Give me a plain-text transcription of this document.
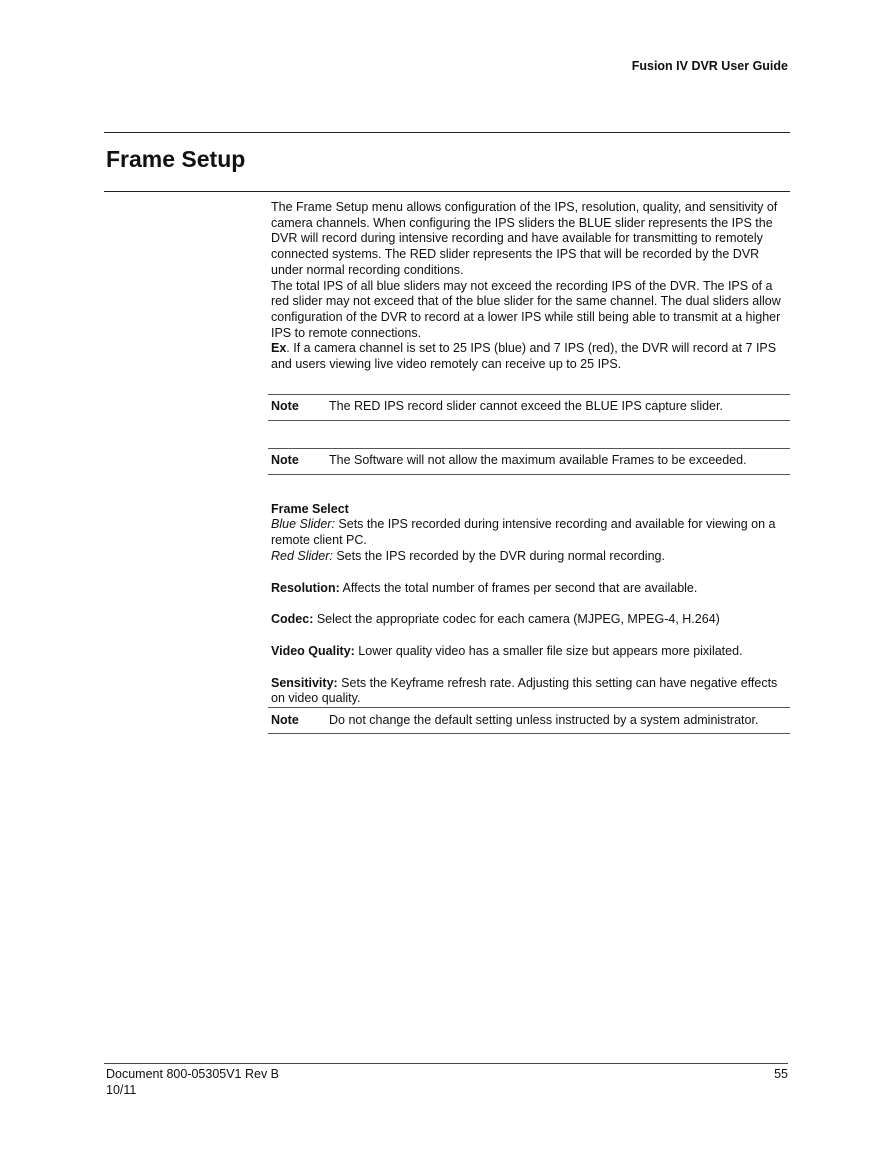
Fusion IV DVR User Guide
Frame Setup

The Frame Setup menu allows configuration of the IPS, resolution, quality, and sensitivity of camera channels. When configuring the IPS sliders the BLUE slider represents the IPS the DVR will record during intensive recording and have available for transmitting to remotely connected systems. The RED slider represents the IPS that will be recorded by the DVR under normal recording conditions.

The total IPS of all blue sliders may not exceed the recording IPS of the DVR. The IPS of a red slider may not exceed that of the blue slider for the same channel. The dual sliders allow configuration of the DVR to record at a lower IPS while still being able to transmit at a higher IPS to remote connections.

Ex. If a camera channel is set to 25 IPS (blue) and 7 IPS (red), the DVR will record at 7 IPS and users viewing live video remotely can receive up to 25 IPS.

Note	The RED IPS record slider cannot exceed the BLUE IPS capture slider.
Note	The Software will not allow the maximum available Frames to be exceeded.

Frame Select

Blue Slider: Sets the IPS recorded during intensive recording and available for viewing on a remote client PC.

Red Slider: Sets the IPS recorded by the DVR during normal recording.

Resolution: Affects the total number of frames per second that are available.

Codec: Select the appropriate codec for each camera (MJPEG, MPEG-4, H.264)

Video Quality: Lower quality video has a smaller file size but appears more pixilated.

Sensitivity: Sets the Keyframe refresh rate. Adjusting this setting can have negative effects on video quality.

Note	Do not change the default setting unless instructed by a system administrator.
Document 800-05305V1 Rev B
10/11
55
